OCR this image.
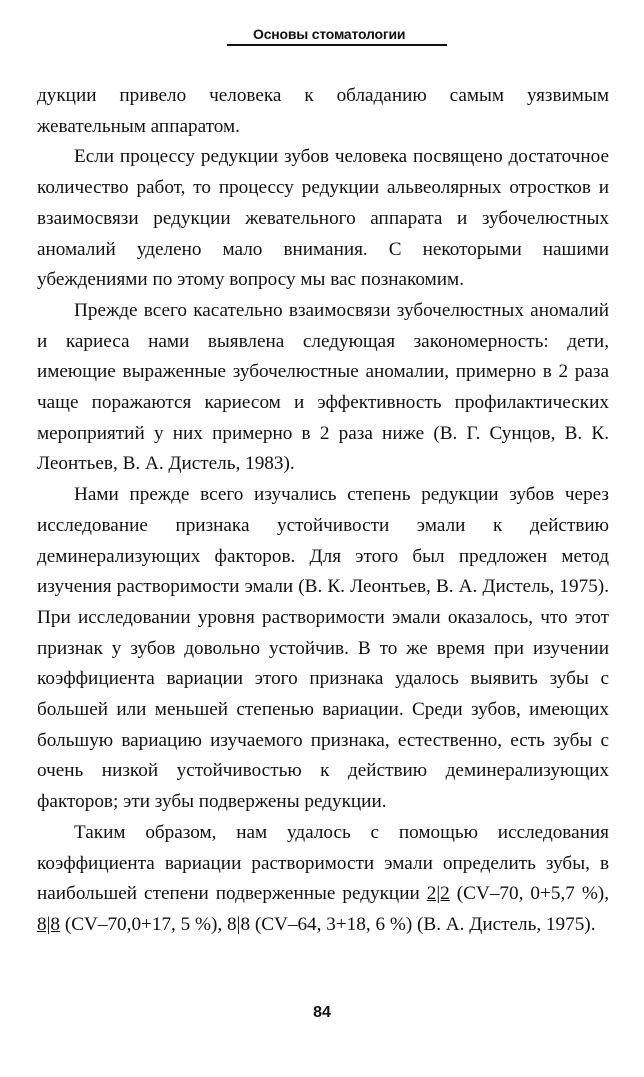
Основы стоматологии

дукции привело человека к обладанию самым уязвимым жевательным аппаратом.

Если процессу редукции зубов человека посвящено достаточное количество работ, то процессу редукции альвеолярных отростков и взаимосвязи редукции жевательного аппарата и зубочелюстных аномалий уделено мало внимания. С некоторыми нашими убеждениями по этому вопросу мы вас познакомим.

Прежде всего касательно взаимосвязи зубочелюстных аномалий и кариеса нами выявлена следующая закономерность: дети, имеющие выраженные зубочелюстные аномалии, примерно в 2 раза чаще поражаются кариесом и эффективность профилактических мероприятий у них примерно в 2 раза ниже (В. Г. Сунцов, В. К. Леонтьев, В. А. Дистель, 1983).

Нами прежде всего изучались степень редукции зубов через исследование признака устойчивости эмали к действию деминерализующих факторов. Для этого был предложен метод изучения растворимости эмали (В. К. Леонтьев, В. А. Дистель, 1975). При исследовании уровня растворимости эмали оказалось, что этот признак у зубов довольно устойчив. В то же время при изучении коэффициента вариации этого признака удалось выявить зубы с большей или меньшей степенью вариации. Среди зубов, имеющих большую вариацию изучаемого признака, естественно, есть зубы с очень низкой устойчивостью к действию деминерализующих факторов; эти зубы подвержены редукции.

Таким образом, нам удалось с помощью исследования коэффициента вариации растворимости эмали определить зубы, в наибольшей степени подверженные редукции 2|2 (CV–70, 0+5,7 %), 8|8 (CV–70,0+17, 5 %), 8|8 (CV–64, 3+18, 6 %) (В. А. Дистель, 1975).

84
